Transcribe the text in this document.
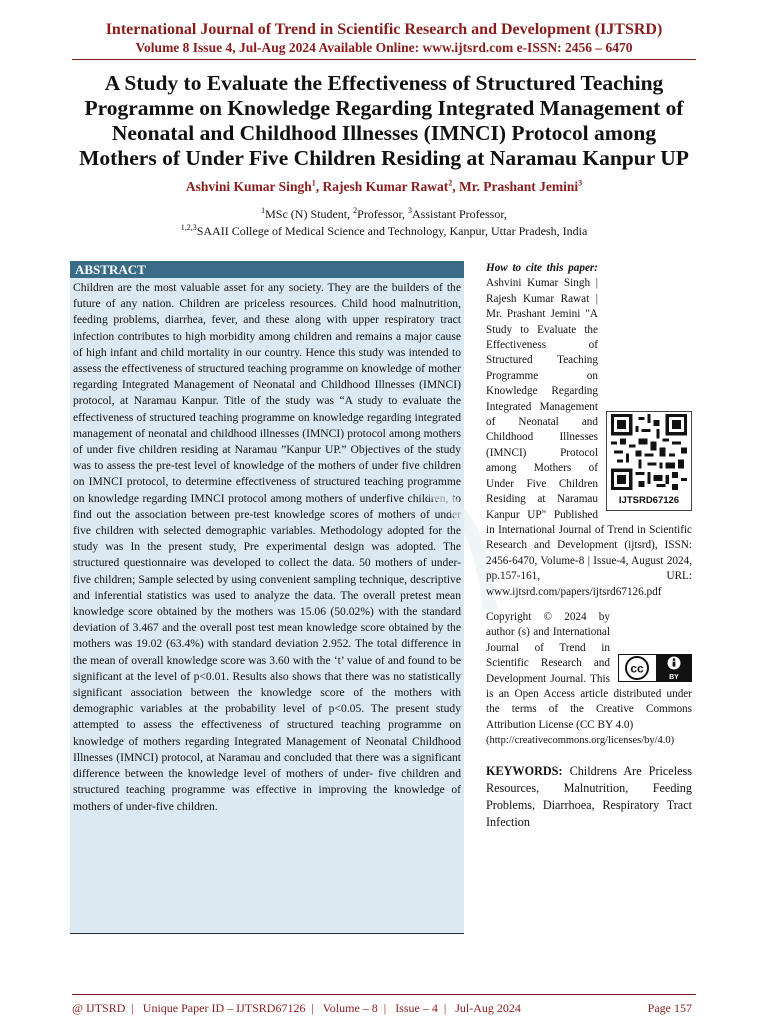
International Journal of Trend in Scientific Research and Development (IJTSRD)
Volume 8 Issue 4, Jul-Aug 2024 Available Online: www.ijtsrd.com e-ISSN: 2456 – 6470
A Study to Evaluate the Effectiveness of Structured Teaching
Programme on Knowledge Regarding Integrated Management of
Neonatal and Childhood Illnesses (IMNCI) Protocol among
Mothers of Under Five Children Residing at Naramau Kanpur UP
Ashvini Kumar Singh$^1$, Rajesh Kumar Rawat$^2$, Mr. Prashant Jemini$^3$
$^1$MSc (N) Student, $^2$Professor, $^3$Assistant Professor,
$^{1,2,3}$SAAII College of Medical Science and Technology, Kanpur, Uttar Pradesh, India
ABSTRACT
Children are the most valuable asset for any society. They are the builders of the future of any nation. Children are priceless resources. Child hood malnutrition, feeding problems, diarrhea, fever, and these along with upper respiratory tract infection contributes to high morbidity among children and remains a major cause of high infant and child mortality in our country. Hence this study was intended to assess the effectiveness of structured teaching programme on knowledge of mother regarding Integrated Management of Neonatal and Childhood Illnesses (IMNCI) protocol, at Naramau Kanpur. Title of the study was “A study to evaluate the effectiveness of structured teaching programme on knowledge regarding integrated management of neonatal and childhood illnesses (IMNCI) protocol among mothers of under five children residing at Naramau ”Kanpur UP.” Objectives of the study was to assess the pre-test level of knowledge of the mothers of under five children on IMNCI protocol, to determine effectiveness of structured teaching programme on knowledge regarding IMNCI protocol among mothers of underfive children, to find out the association between pre-test knowledge scores of mothers of under five children with selected demographic variables. Methodology adopted for the study was In the present study, Pre experimental design was adopted. The structured questionnaire was developed to collect the data. 50 mothers of under-five children; Sample selected by using convenient sampling technique, descriptive and inferential statistics was used to analyze the data. The overall pretest mean knowledge score obtained by the mothers was 15.06 (50.02%) with the standard deviation of 3.467 and the overall post test mean knowledge score obtained by the mothers was 19.02 (63.4%) with standard deviation 2.952. The total difference in the mean of overall knowledge score was 3.60 with the ‘t’ value of and found to be significant at the level of p<0.01. Results also shows that there was no statistically significant association between the knowledge score of the mothers with demographic variables at the probability level of p<0.05. The present study attempted to assess the effectiveness of structured teaching programme on knowledge of mothers regarding Integrated Management of Neonatal Childhood Illnesses (IMNCI) protocol, at Naramau and concluded that there was a significant difference between the knowledge level of mothers of under- five children and structured teaching programme was effective in improving the knowledge of mothers of under-five children.
IJTSRD67126
How to cite this paper: Ashvini Kumar Singh | Rajesh Kumar Rawat | Mr. Prashant Jemini "A Study to Evaluate the Effectiveness of Structured Teaching Programme on Knowledge Regarding Integrated Management of Neonatal and Childhood Illnesses (IMNCI) Protocol among Mothers of Under Five Children Residing at Naramau Kanpur UP" Published in International Journal of Trend in Scientific Research and Development (ijtsrd), ISSN: 2456-6470, Volume-8 | Issue-4, August 2024, pp.157-161, URL: www.ijtsrd.com/papers/ijtsrd67126.pdf
cc
BY
Copyright © 2024 by author (s) and International Journal of Trend in Scientific Research and Development Journal. This is an Open Access article distributed under the terms of the Creative Commons Attribution License (CC BY 4.0)
(http://creativecommons.org/licenses/by/4.0)
KEYWORDS: Childrens Are Priceless Resources, Malnutrition, Feeding Problems, Diarrhoea, Respiratory Tract Infection
@ IJTSRD | Unique Paper ID – IJTSRD67126 | Volume – 8 | Issue – 4 | Jul-Aug 2024	Page 157
